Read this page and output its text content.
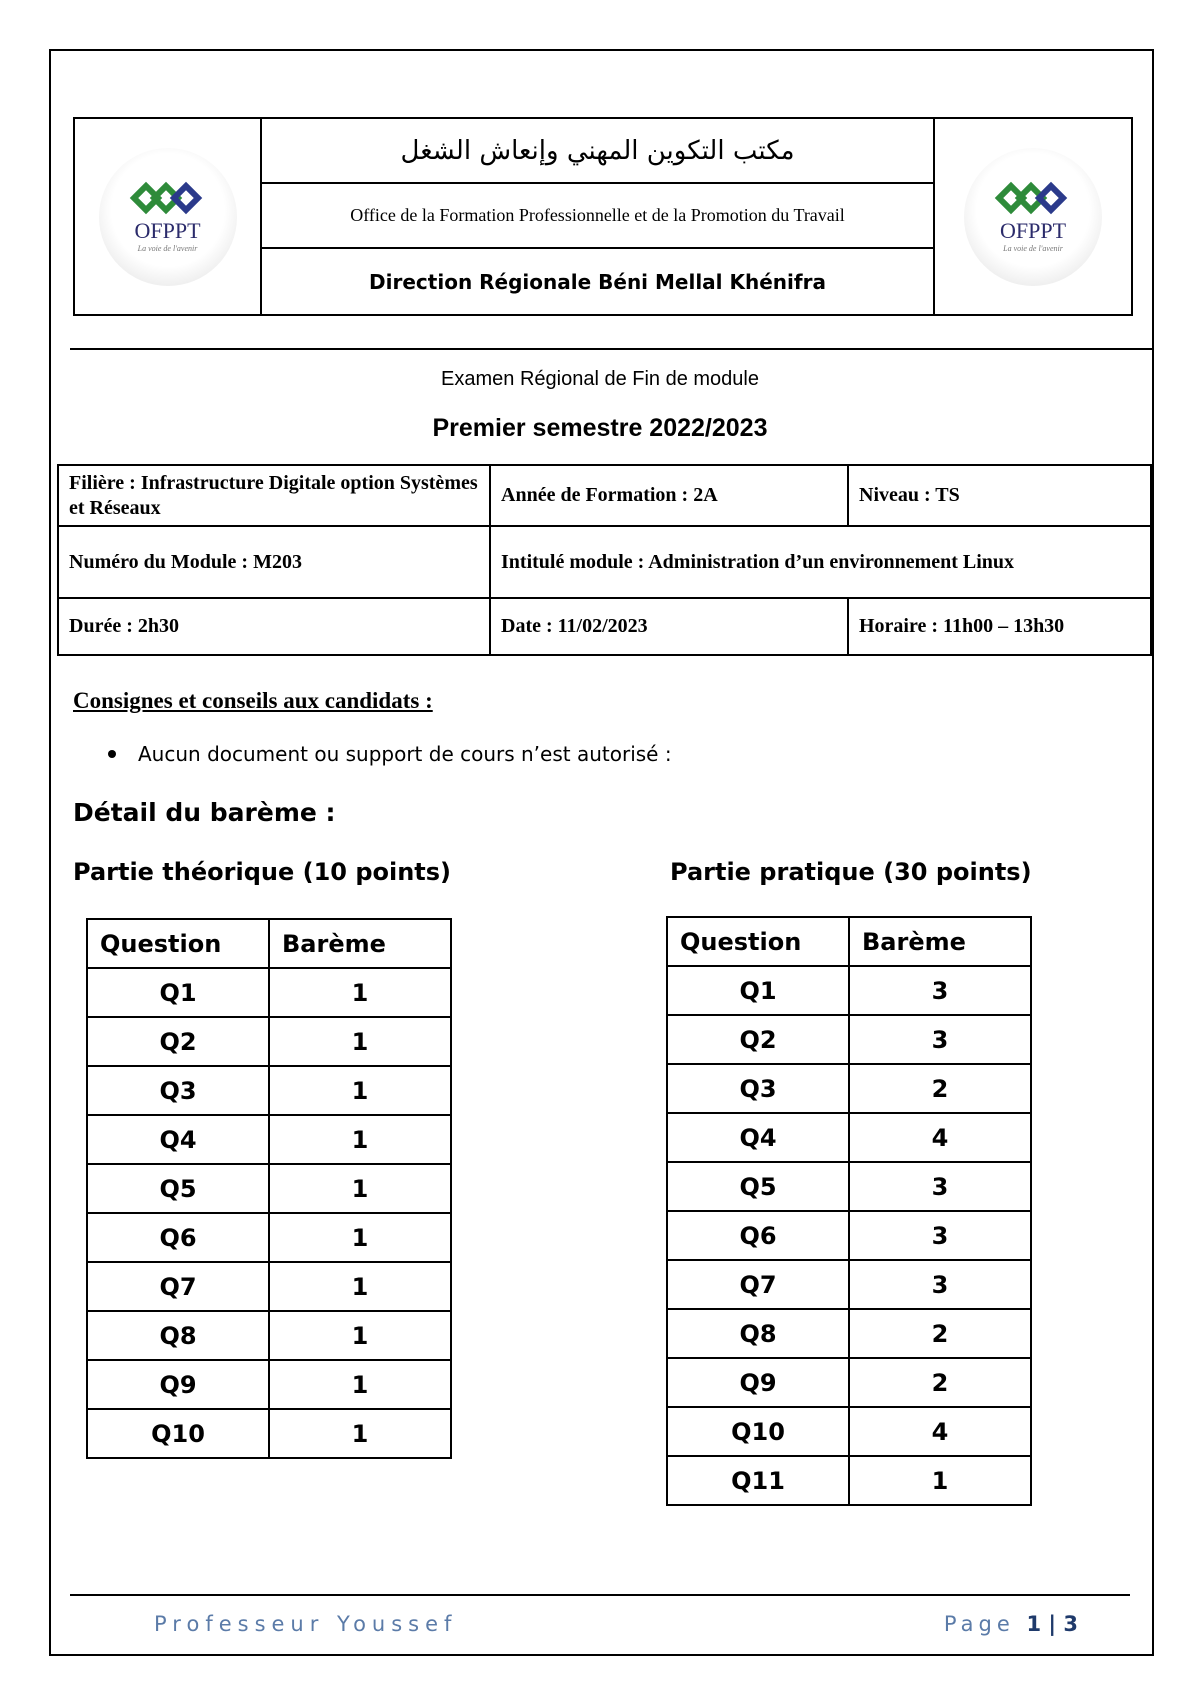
OFPPT
La voie de l'avenir
مكتب التكوين المهني وإنعاش الشغل
Office de la Formation Professionnelle et de la Promotion du Travail
Direction Régionale Béni Mellal Khénifra
OFPPT
La voie de l'avenir
Examen Régional de Fin de module
Premier semestre 2022/2023
Filière : Infrastructure Digitale option Systèmes et Réseaux	Année de Formation : 2A	Niveau : TS
Numéro du Module : M203	Intitulé module : Administration d’un environnement Linux	
Durée : 2h30	Date : 11/02/2023	Horaire : 11h00 – 13h30
Consignes et conseils aux candidats :
Aucun document ou support de cours n’est autorisé :
Détail du barème :
Partie théorique (10 points)	Partie pratique (30 points)
Question	Barème
Q1	1
Q2	1
Q3	1
Q4	1
Q5	1
Q6	1
Q7	1
Q8	1
Q9	1
Q10	1
Question	Barème
Q1	3
Q2	3
Q3	2
Q4	4
Q5	3
Q6	3
Q7	3
Q8	2
Q9	2
Q10	4
Q11	1
Professeur Youssef	Page 1 | 3
